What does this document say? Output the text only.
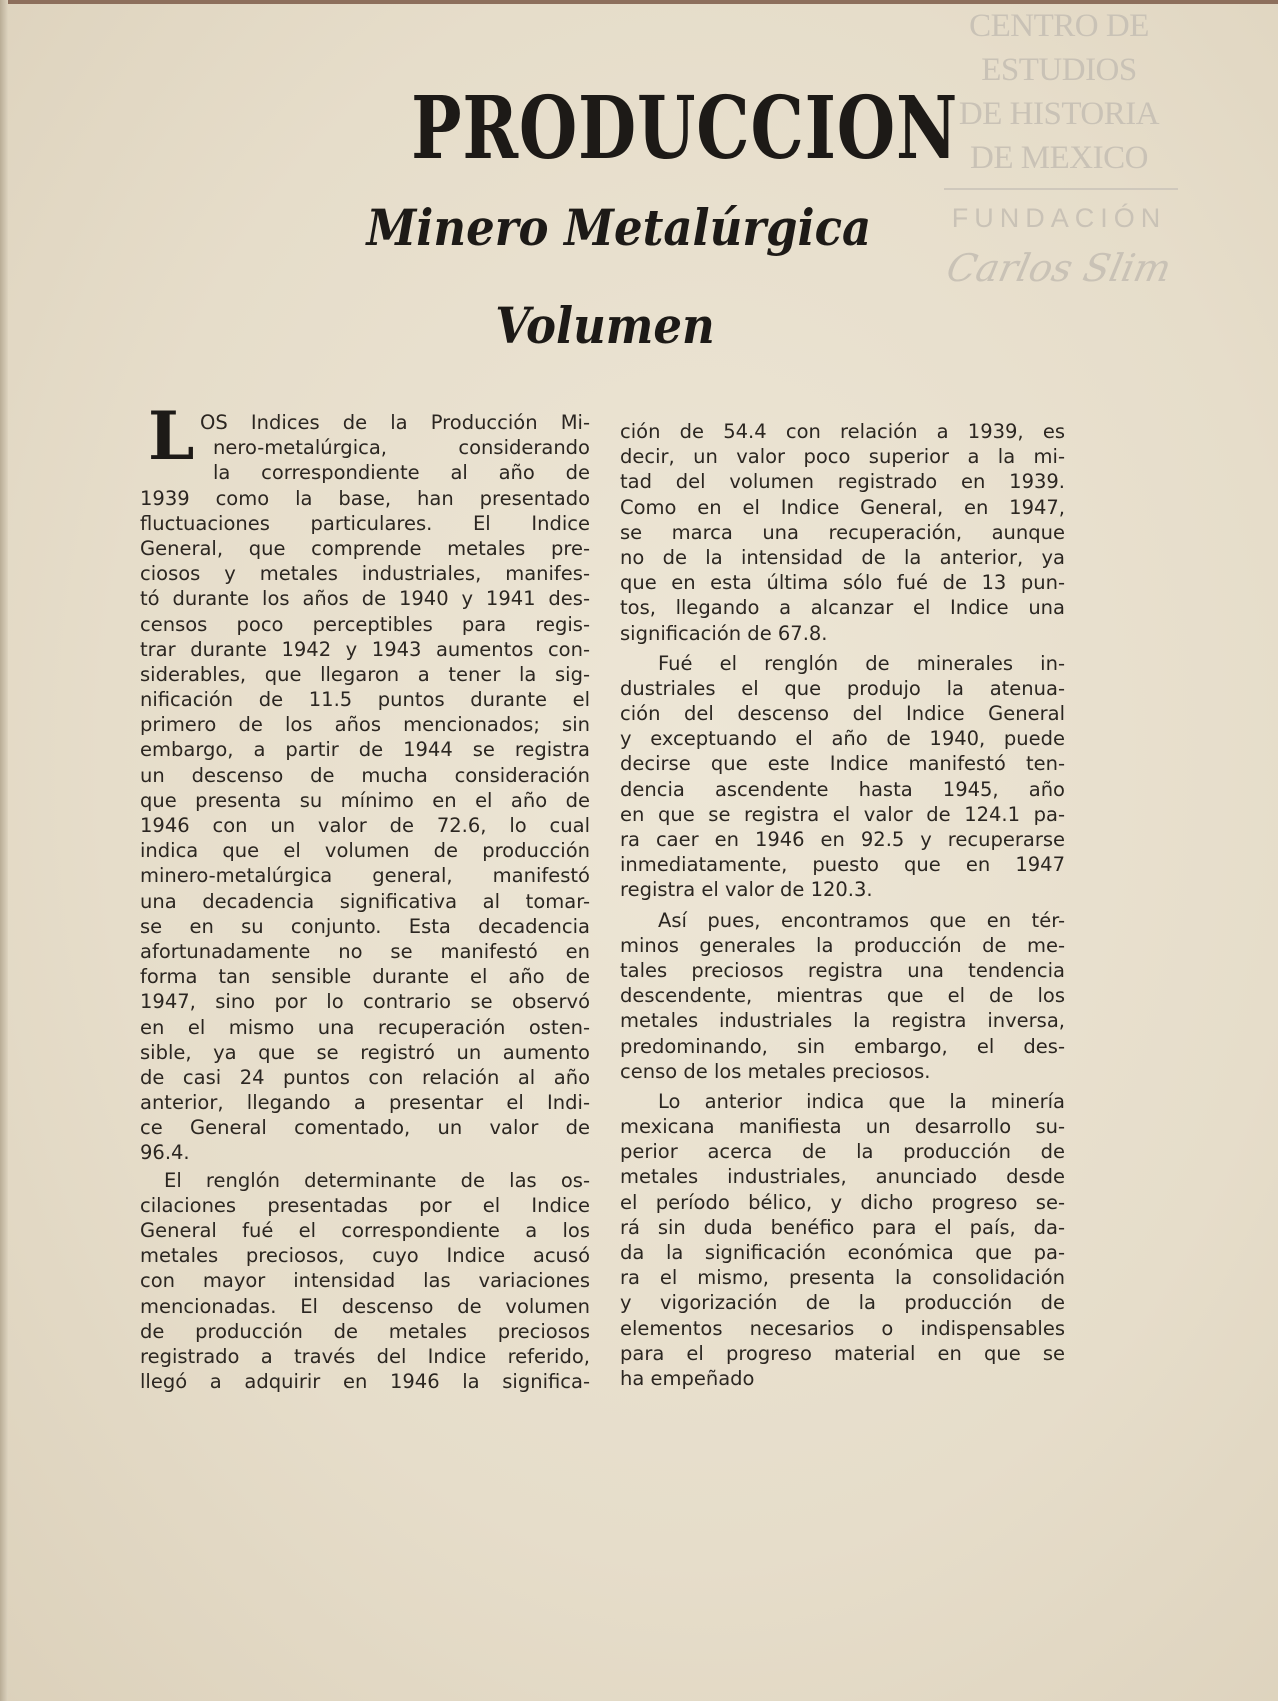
PRODUCCION
Minero Metalúrgica
Volumen
CENTRO DE
ESTUDIOS
DE HISTORIA
DE MEXICO
FUNDACIÓN
Carlos Slim
L OS Indices de la Producción Mi-
nero-metalúrgica, considerando
la correspondiente al año de
1939 como la base, han presentado
fluctuaciones particulares. El Indice
General, que comprende metales pre-
ciosos y metales industriales, manifes-
tó durante los años de 1940 y 1941 des-
censos poco perceptibles para regis-
trar durante 1942 y 1943 aumentos con-
siderables, que llegaron a tener la sig-
nificación de 11.5 puntos durante el
primero de los años mencionados; sin
embargo, a partir de 1944 se registra
un descenso de mucha consideración
que presenta su mínimo en el año de
1946 con un valor de 72.6, lo cual
indica que el volumen de producción
minero-metalúrgica general, manifestó
una decadencia significativa al tomar-
se en su conjunto. Esta decadencia
afortunadamente no se manifestó en
forma tan sensible durante el año de
1947, sino por lo contrario se observó
en el mismo una recuperación osten-
sible, ya que se registró un aumento
de casi 24 puntos con relación al año
anterior, llegando a presentar el Indi-
ce General comentado, un valor de
96.4.
El renglón determinante de las os-
cilaciones presentadas por el Indice
General fué el correspondiente a los
metales preciosos, cuyo Indice acusó
con mayor intensidad las variaciones
mencionadas. El descenso de volumen
de producción de metales preciosos
registrado a través del Indice referido,
llegó a adquirir en 1946 la significa-
ción de 54.4 con relación a 1939, es
decir, un valor poco superior a la mi-
tad del volumen registrado en 1939.
Como en el Indice General, en 1947,
se marca una recuperación, aunque
no de la intensidad de la anterior, ya
que en esta última sólo fué de 13 pun-
tos, llegando a alcanzar el Indice una
significación de 67.8.
Fué el renglón de minerales in-
dustriales el que produjo la atenua-
ción del descenso del Indice General
y exceptuando el año de 1940, puede
decirse que este Indice manifestó ten-
dencia ascendente hasta 1945, año
en que se registra el valor de 124.1 pa-
ra caer en 1946 en 92.5 y recuperarse
inmediatamente, puesto que en 1947
registra el valor de 120.3.
Así pues, encontramos que en tér-
minos generales la producción de me-
tales preciosos registra una tendencia
descendente, mientras que el de los
metales industriales la registra inversa,
predominando, sin embargo, el des-
censo de los metales preciosos.
Lo anterior indica que la minería
mexicana manifiesta un desarrollo su-
perior acerca de la producción de
metales industriales, anunciado desde
el período bélico, y dicho progreso se-
rá sin duda benéfico para el país, da-
da la significación económica que pa-
ra el mismo, presenta la consolidación
y vigorización de la producción de
elementos necesarios o indispensables
para el progreso material en que se
ha empeñado
